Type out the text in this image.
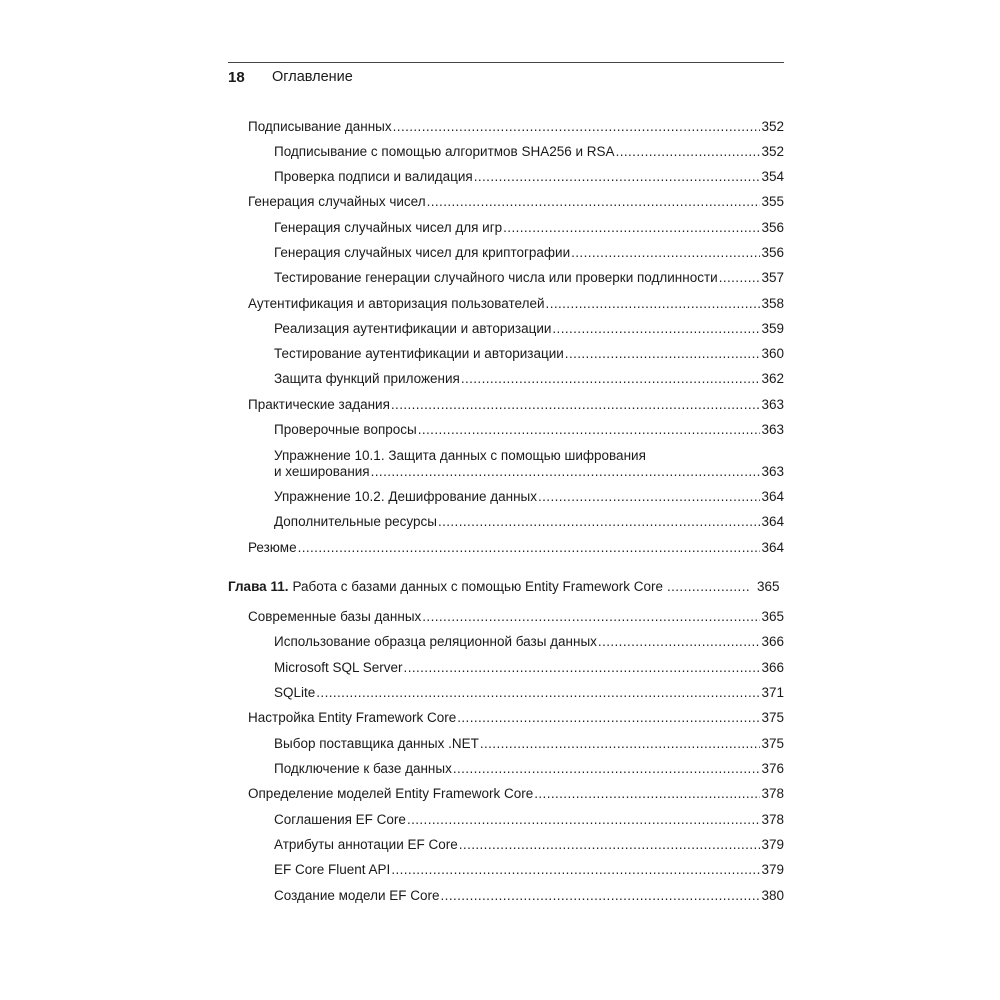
18 Оглавление
Подписывание данных .....	352
Подписывание с помощью алгоритмов SHA256 и RSA .....	352
Проверка подписи и валидация .....	354
Генерация случайных чисел .....	355
Генерация случайных чисел для игр .....	356
Генерация случайных чисел для криптографии .....	356
Тестирование генерации случайного числа или проверки подлинности .....	357
Аутентификация и авторизация пользователей .....	358
Реализация аутентификации и авторизации .....	359
Тестирование аутентификации и авторизации .....	360
Защита функций приложения .....	362
Практические задания .....	363
Проверочные вопросы .....	363
Упражнение 10.1. Защита данных с помощью шифрования
и хеширования .....	363
Упражнение 10.2. Дешифрование данных .....	364
Дополнительные ресурсы .....	364
Резюме .....	364
Глава 11. Работа с базами данных с помощью Entity Framework Core .....	365
Современные базы данных .....	365
Использование образца реляционной базы данных .....	366
Microsoft SQL Server .....	366
SQLite .....	371
Настройка Entity Framework Core .....	375
Выбор поставщика данных .NET .....	375
Подключение к базе данных .....	376
Определение моделей Entity Framework Core .....	378
Соглашения EF Core .....	378
Атрибуты аннотации EF Core .....	379
EF Core Fluent API .....	379
Создание модели EF Core .....	380
